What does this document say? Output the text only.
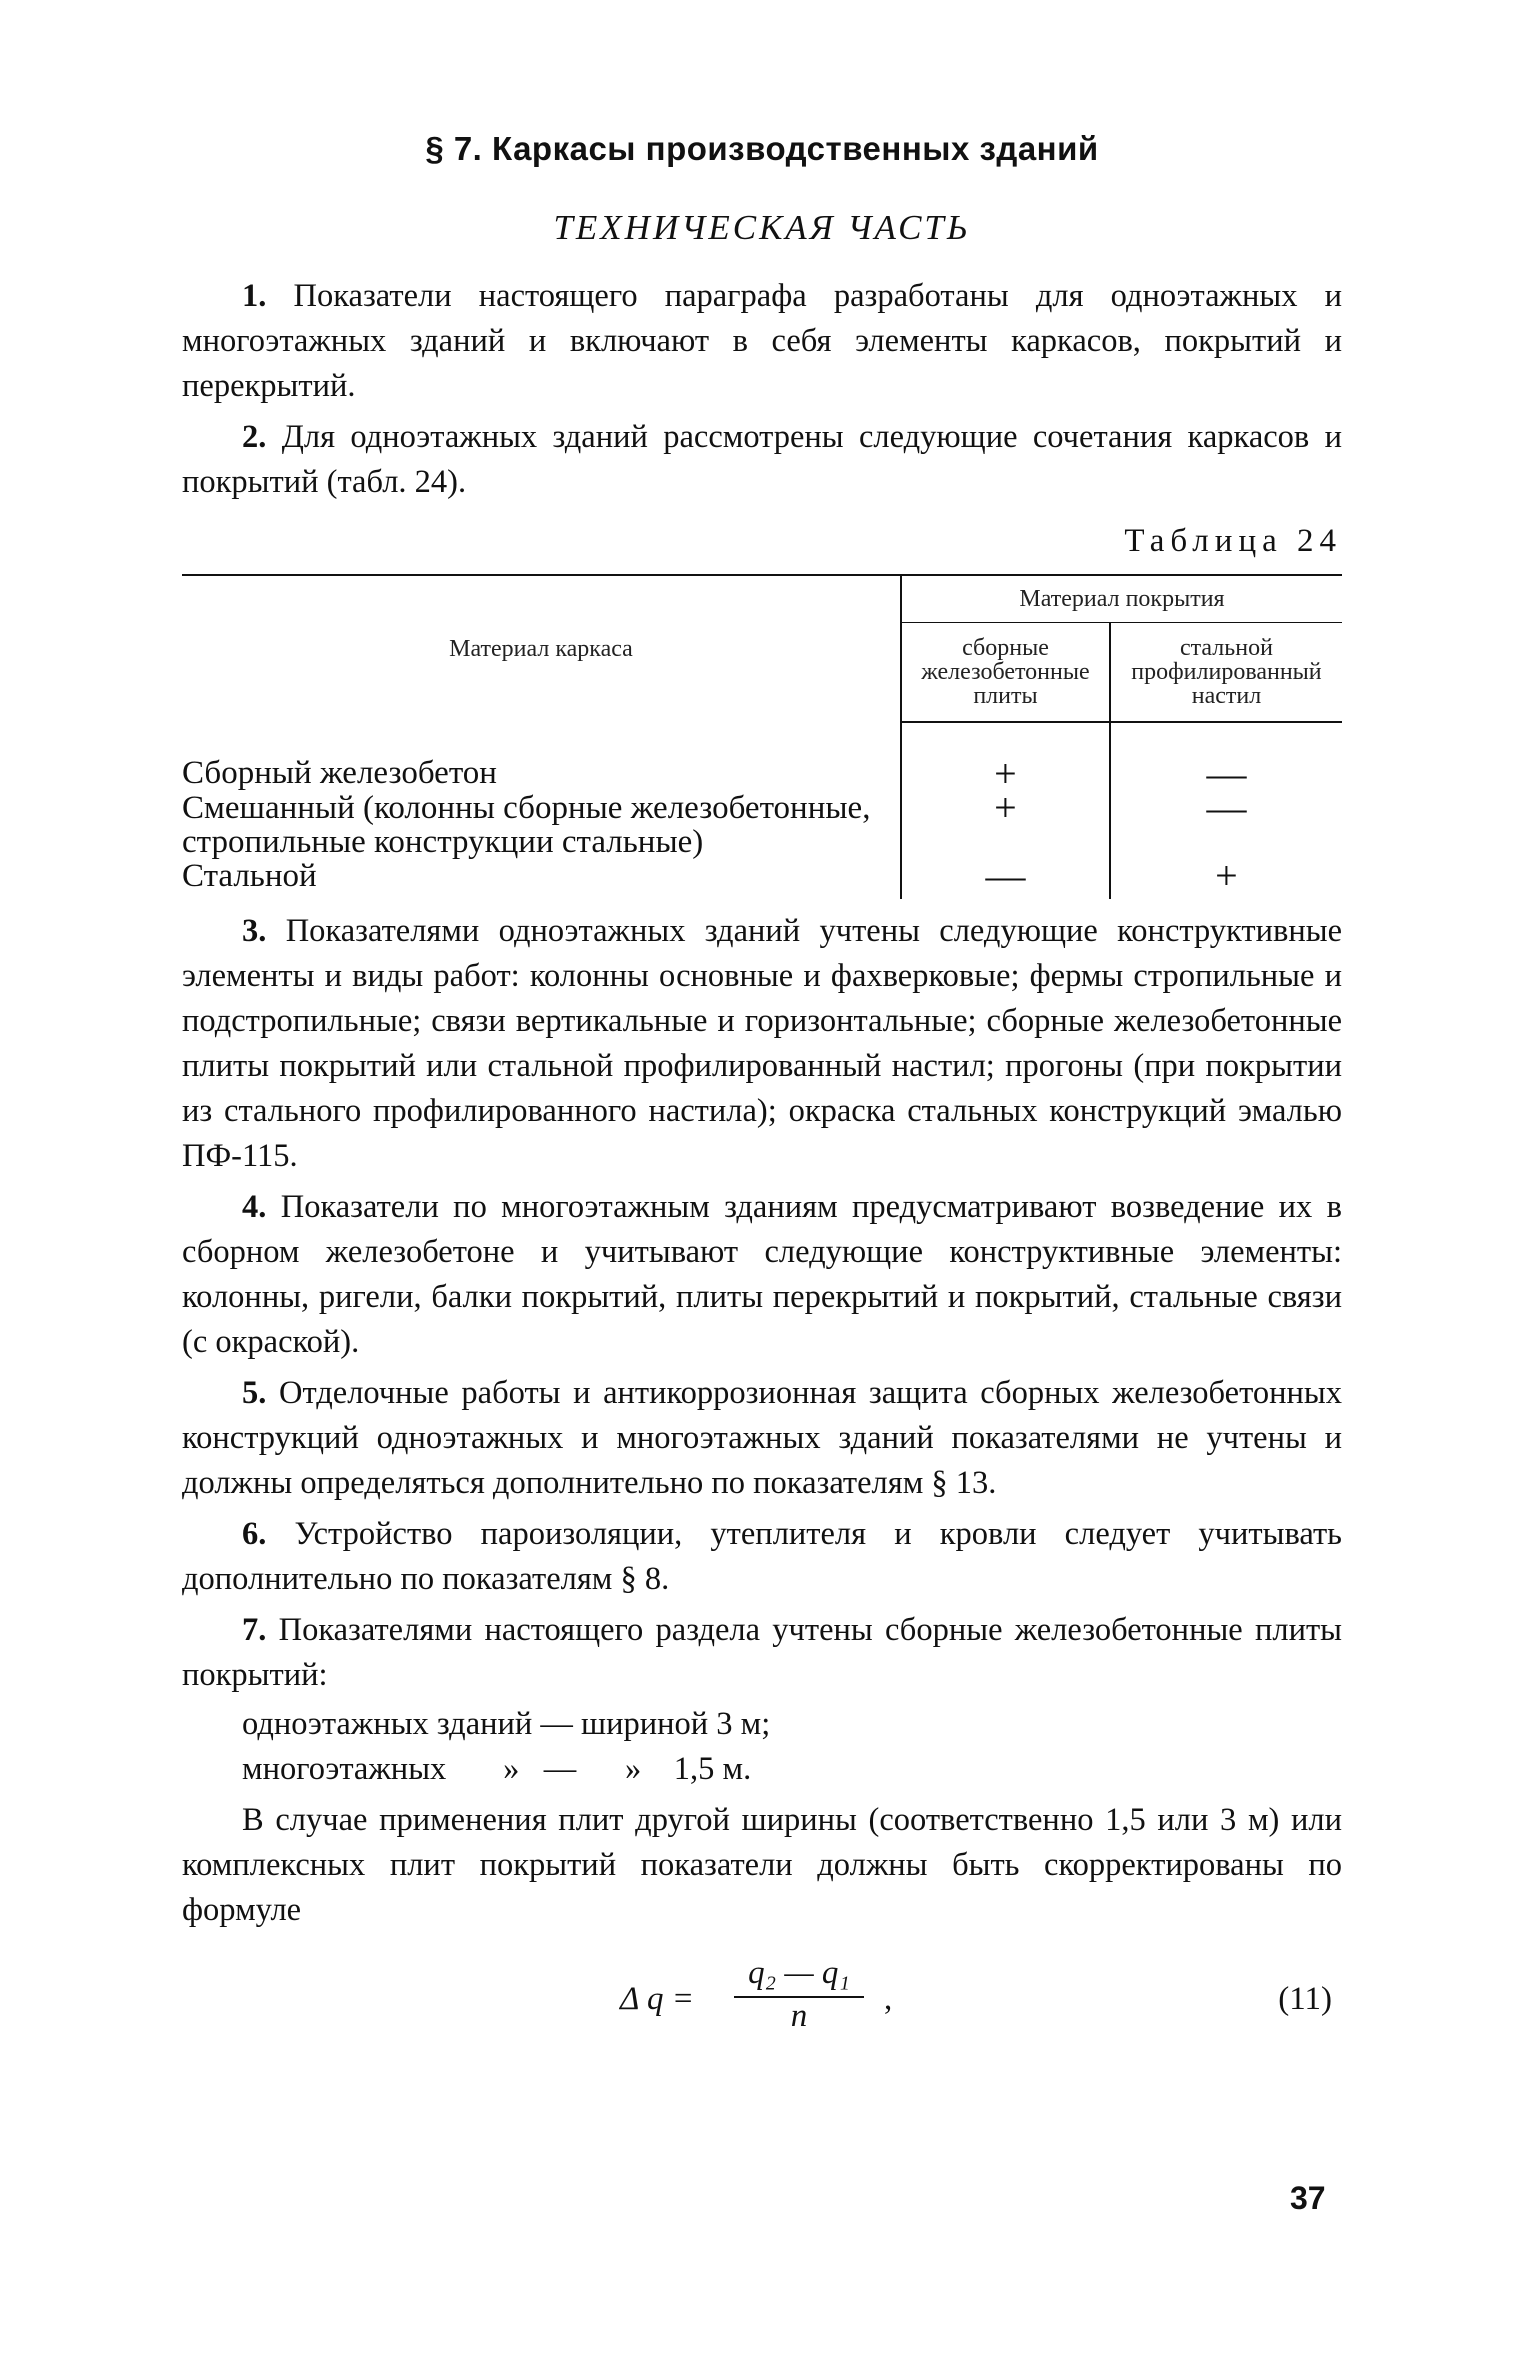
§ 7. Каркасы производственных зданий
ТЕХНИЧЕСКАЯ ЧАСТЬ

1. Показатели настоящего параграфа разработаны для одноэтажных и многоэтажных зданий и включают в себя элементы каркасов, покрытий и перекрытий.

2. Для одноэтажных зданий рассмотрены следующие сочетания каркасов и покрытий (табл. 24).

Таблица 24
Материал каркаса	Материал покрытия	
	сборные железобетонные плиты	стальной профилированный настил
Сборный железобетон	+	—
Смешанный (колонны сборные железобетонные, стропильные конструкции стальные)	+	—
Стальной	—	+

3. Показателями одноэтажных зданий учтены следующие конструктивные элементы и виды работ: колонны основные и фахверковые; фермы стропильные и подстропильные; связи вертикальные и горизонтальные; сборные железобетонные плиты покрытий или стальной профилированный настил; прогоны (при покрытии из стального профилированного настила); окраска стальных конструкций эмалью ПФ-115.

4. Показатели по многоэтажным зданиям предусматривают возведение их в сборном железобетоне и учитывают следующие конструктивные элементы: колонны, ригели, балки покрытий, плиты перекрытий и покрытий, стальные связи (с окраской).

5. Отделочные работы и антикоррозионная защита сборных железобетонных конструкций одноэтажных и многоэтажных зданий показателями не учтены и должны определяться дополнительно по показателям § 13.

6. Устройство пароизоляции, утеплителя и кровли следует учитывать дополнительно по показателям § 8.

7. Показателями настоящего раздела учтены сборные железобетонные плиты покрытий:

одноэтажных зданий — шириной 3 м;
многоэтажных       »   —      »    1,5 м.

В случае применения плит другой ширины (соответственно 1,5 или 3 м) или комплексных плит покрытий показатели должны быть скорректированы по формуле

Δ $q = \frac{\text{q₂ — q₁}}{n}$ ,	(11)
37
